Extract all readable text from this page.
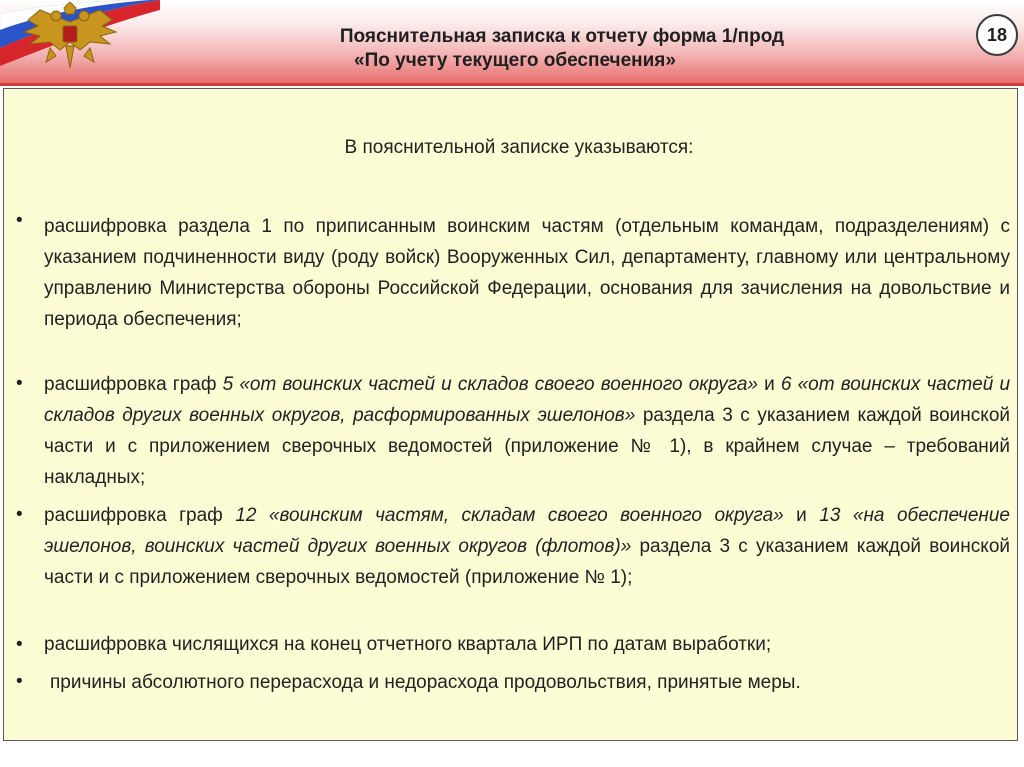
Пояснительная записка к отчету форма 1/прод
«По учету текущего обеспечения»
18
В пояснительной записке указываются:
• расшифровка раздела 1 по приписанным воинским частям (отдельным командам, подразделениям) с указанием подчиненности виду (роду войск) Вооруженных Сил, департаменту, главному или центральному управлению Министерства обороны Российской Федерации, основания для зачисления на довольствие и периода обеспечения;
• расшифровка граф 5 «от воинских частей и складов своего военного округа» и 6 «от воинских частей и складов других военных округов, расформированных эшелонов» раздела 3 с указанием каждой воинской части и с приложением сверочных ведомостей (приложение № 1), в крайнем случае – требований накладных;
• расшифровка граф 12 «воинским частям, складам своего военного округа» и 13 «на обеспечение эшелонов, воинских частей других военных округов (флотов)» раздела 3 с указанием каждой воинской части и с приложением сверочных ведомостей (приложение № 1);
• расшифровка числящихся на конец отчетного квартала ИРП по датам выработки;
• причины абсолютного перерасхода и недорасхода продовольствия, принятые меры.
